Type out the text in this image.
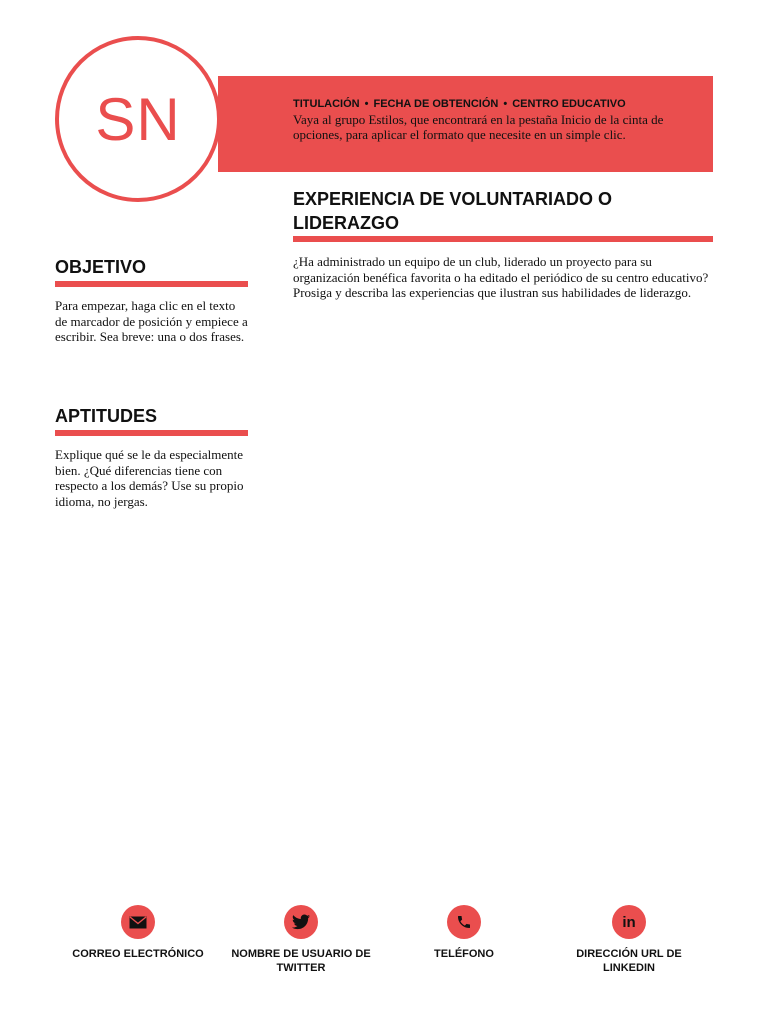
TITULACIÓN • FECHA DE OBTENCIÓN • CENTRO EDUCATIVO
Vaya al grupo Estilos, que encontrará en la pestaña Inicio de la cinta de opciones, para aplicar el formato que necesite en un simple clic.
SN
EXPERIENCIA DE VOLUNTARIADO O LIDERAZGO
¿Ha administrado un equipo de un club, liderado un proyecto para su organización benéfica favorita o ha editado el periódico de su centro educativo? Prosiga y describa las experiencias que ilustran sus habilidades de liderazgo.
OBJETIVO
Para empezar, haga clic en el texto de marcador de posición y empiece a escribir. Sea breve: una o dos frases.
APTITUDES
Explique qué se le da especialmente bien. ¿Qué diferencias tiene con respecto a los demás? Use su propio idioma, no jergas.
CORREO ELECTRÓNICO	NOMBRE DE USUARIO DE TWITTER
TELÉFONO
in
DIRECCIÓN URL DE LINKEDIN
